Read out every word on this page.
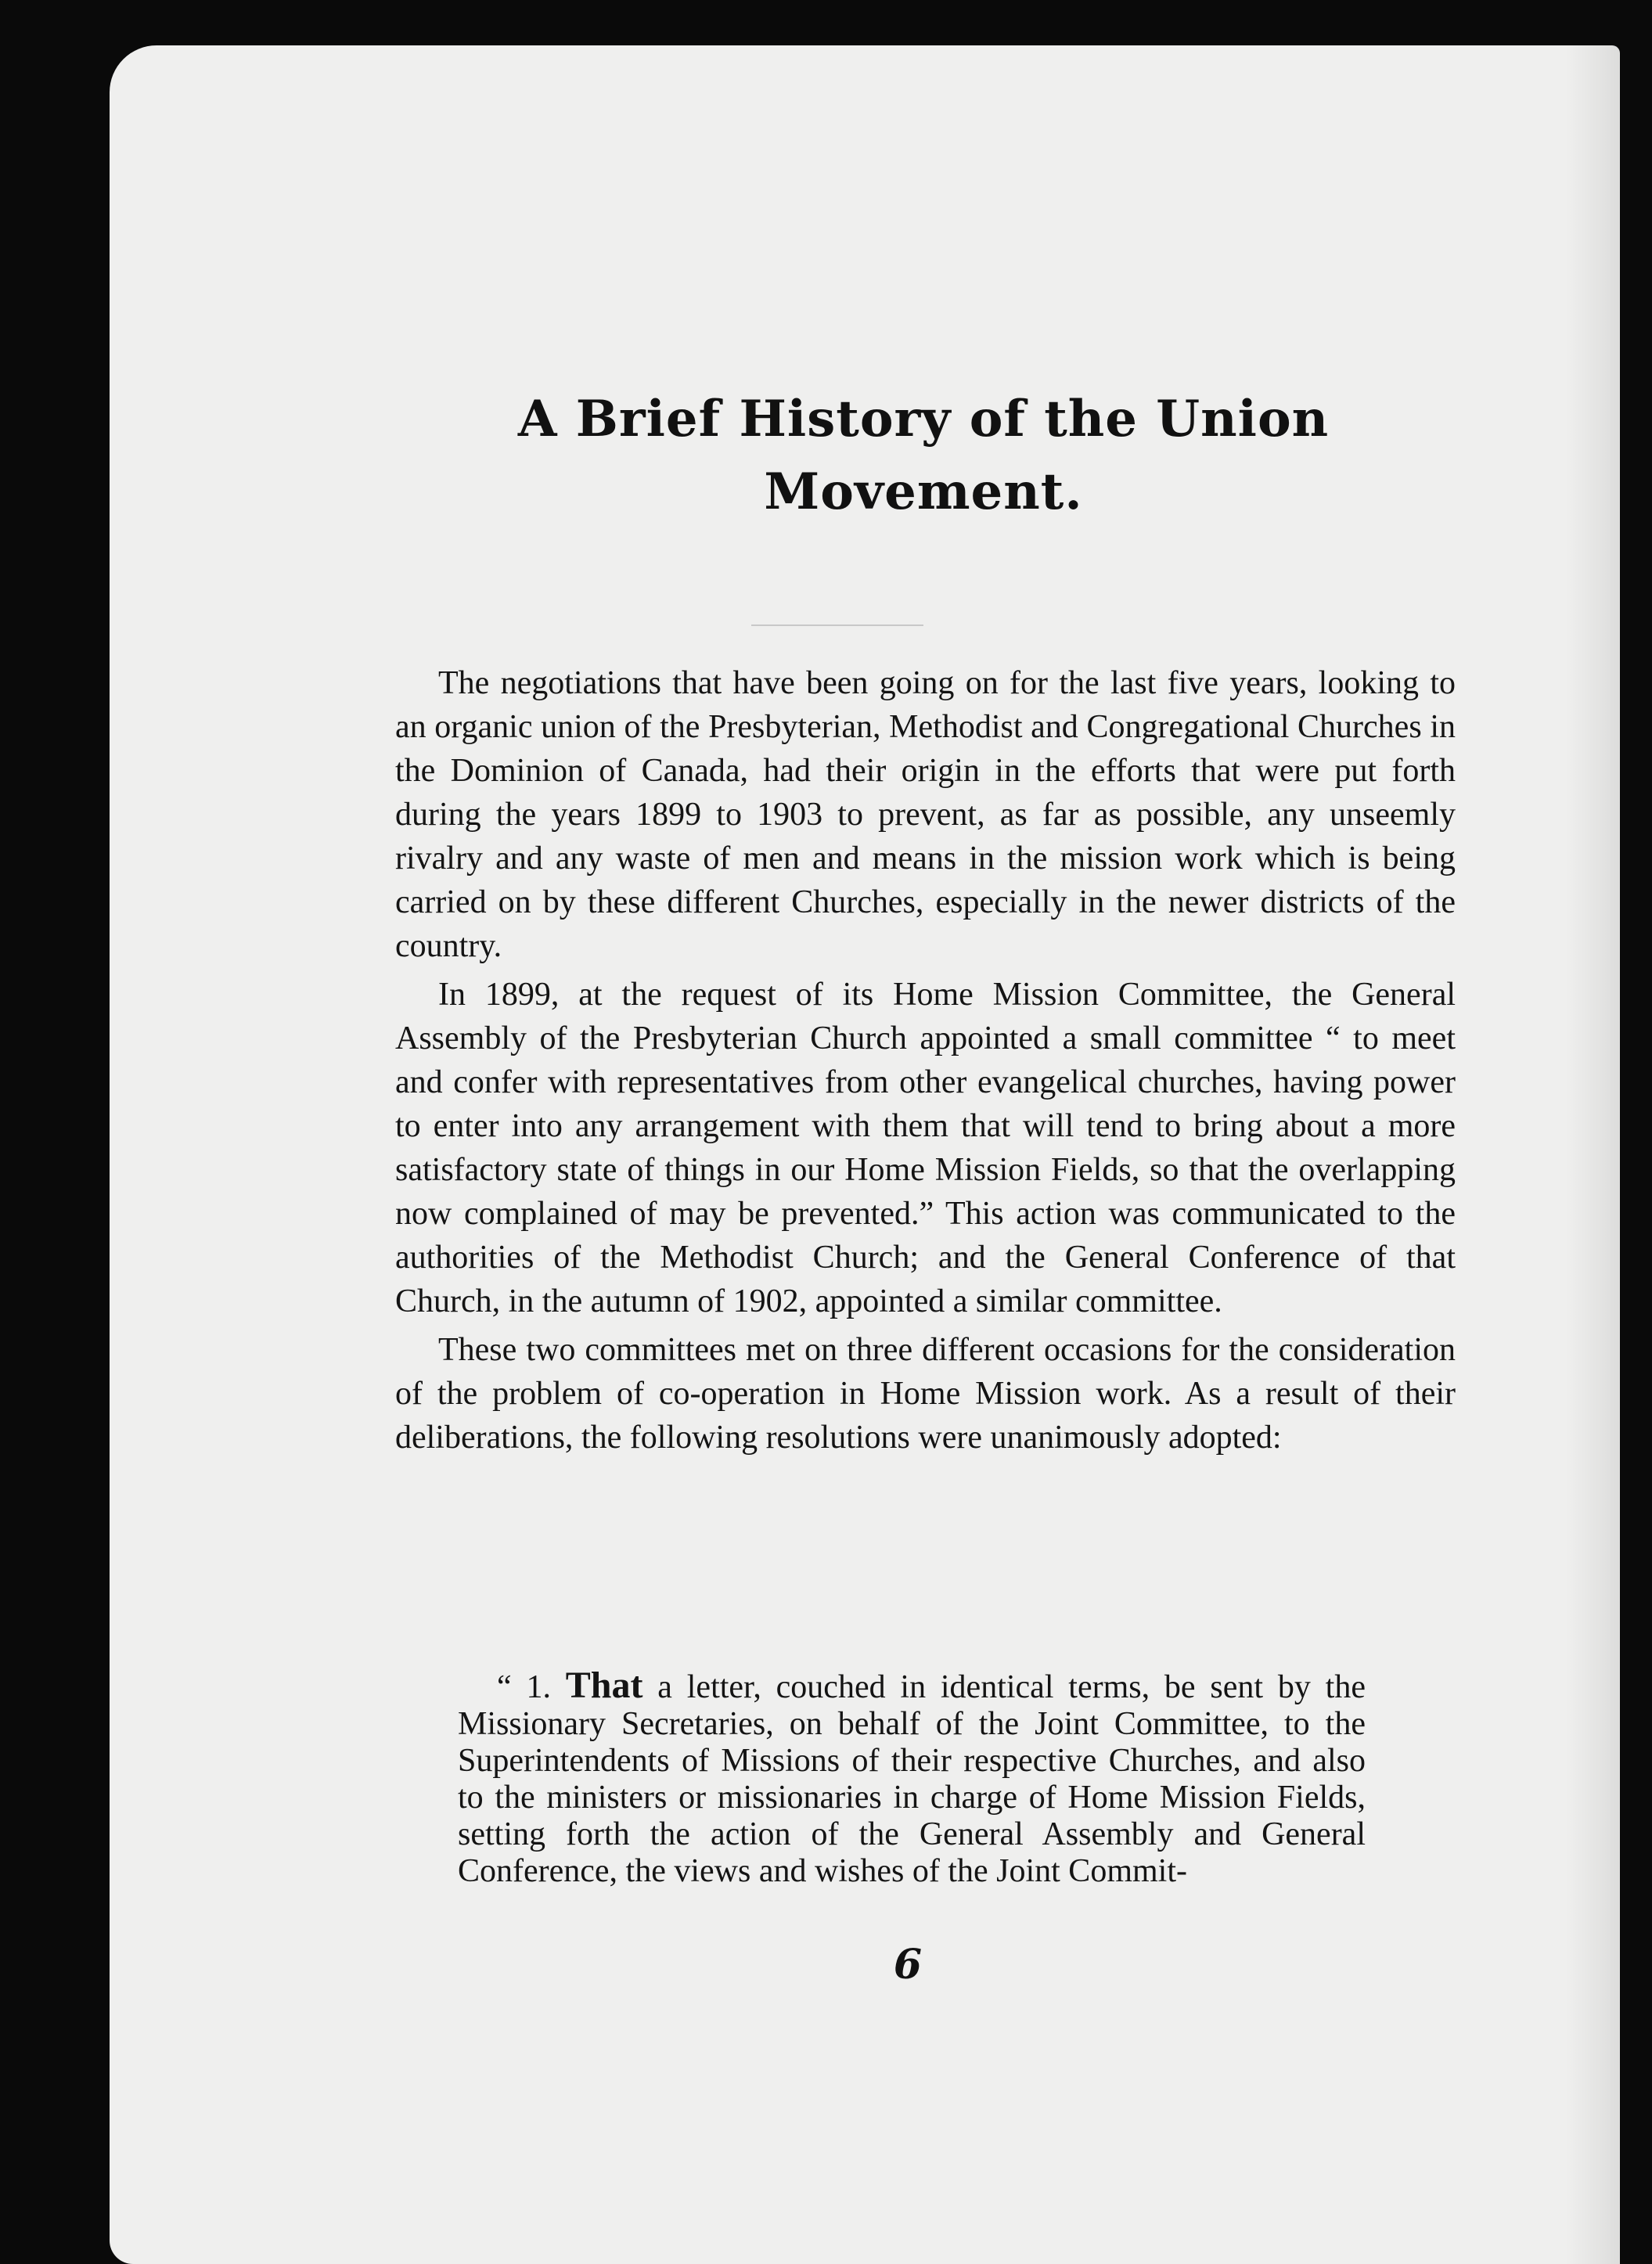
A Brief History of the Union Movement.

The negotiations that have been going on for the last five years, looking to an organic union of the Presbyterian, Methodist and Congregational Churches in the Dominion of Canada, had their origin in the efforts that were put forth during the years 1899 to 1903 to prevent, as far as possible, any unseemly rivalry and any waste of men and means in the mission work which is being carried on by these different Churches, especially in the newer districts of the country.

In 1899, at the request of its Home Mission Committee, the General Assembly of the Presbyterian Church appointed a small committee “ to meet and confer with representatives from other evangelical churches, having power to enter into any arrangement with them that will tend to bring about a more satisfactory state of things in our Home Mission Fields, so that the overlapping now complained of may be prevented.” This action was communicated to the authorities of the Methodist Church; and the General Conference of that Church, in the autumn of 1902, appointed a similar committee.

These two committees met on three different occasions for the consideration of the problem of co-operation in Home Mission work. As a result of their deliberations, the following resolutions were unanimously adopted:

“ 1. That a letter, couched in identical terms, be sent by the Missionary Secretaries, on behalf of the Joint Committee, to the Superintendents of Missions of their respective Churches, and also to the ministers or missionaries in charge of Home Mission Fields, setting forth the action of the General Assembly and General Conference, the views and wishes of the Joint Commit-

6
